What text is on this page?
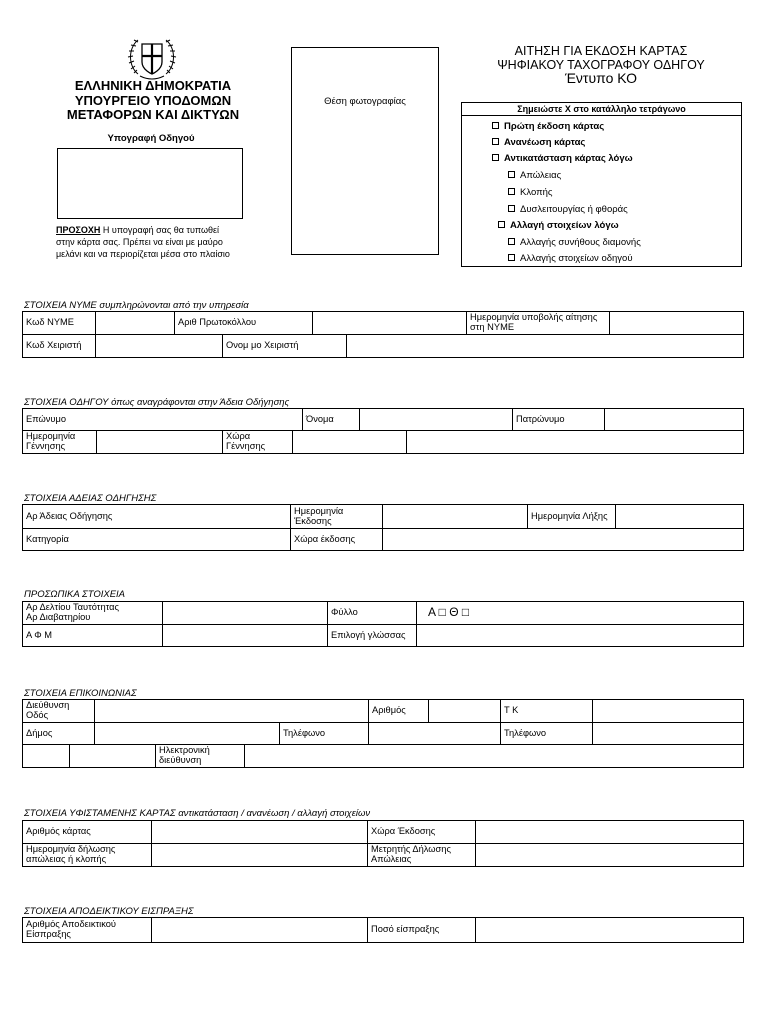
ΕΛΛΗΝΙΚΗ ΔΗΜΟΚΡΑΤΙΑ
ΥΠΟΥΡΓΕΙΟ ΥΠΟΔΟΜΩΝ
ΜΕΤΑΦΟΡΩΝ ΚΑΙ ΔΙΚΤΥΩΝ
Υπογραφή Οδηγού
ΠΡΟΣΟΧΗ Η υπογραφή σας θα τυπωθεί
στην κάρτα σας. Πρέπει να είναι με μαύρο
μελάνι και να περιορίζεται μέσα στο πλαίσιο
Θέση φωτογραφίας
ΑΙΤΗΣΗ ΓΙΑ ΕΚΔΟΣΗ ΚΑΡΤΑΣ
ΨΗΦΙΑΚΟΥ ΤΑΧΟΓΡΑΦΟΥ ΟΔΗΓΟΥ
Έντυπο ΚΟ
Σημειώστε Χ στο κατάλληλο τετράγωνο
Πρώτη έκδοση κάρτας
Ανανέωση κάρτας
Αντικατάσταση κάρτας λόγω
Απώλειας
Κλοπής
Δυσλειτουργίας ή φθοράς
Αλλαγή στοιχείων λόγω
Αλλαγής συνήθους διαμονής
Αλλαγής στοιχείων οδηγού
ΣΤΟΙΧΕΙΑ ΝΥΜΕ συμπληρώνονται από την υπηρεσία
Κωδ ΝΥΜΕ		Αριθ Πρωτοκόλλου		Ημερομηνία υποβολής αίτησης στη ΝΥΜΕ	
Κωδ Χειριστή		Ονομ μο Χειριστή	
ΣΤΟΙΧΕΙΑ ΟΔΗΓΟΥ όπως αναγράφονται στην Άδεια Οδήγησης
Επώνυμο	Όνομα		Πατρώνυμο	
Ημερομηνία Γέννησης		Χώρα Γέννησης		
ΣΤΟΙΧΕΙΑ ΑΔΕΙΑΣ ΟΔΗΓΗΣΗΣ
Αρ Άδειας Οδήγησης	Ημερομηνία Έκδοσης		Ημερομηνία Λήξης	
Κατηγορία	Χώρα έκδοσης			
ΠΡΟΣΩΠΙΚΑ ΣΤΟΙΧΕΙΑ
Αρ Δελτίου Ταυτότητας
Αρ Διαβατηρίου		Φύλλο	Α □ Θ □
Α Φ Μ		Επιλογή γλώσσας	
ΣΤΟΙΧΕΙΑ ΕΠΙΚΟΙΝΩΝΙΑΣ
Διεύθυνση Οδός		Αριθμός		Τ Κ	
Δήμος		Τηλέφωνο		Τηλέφωνο	
		Ηλεκτρονική διεύθυνση	
ΣΤΟΙΧΕΙΑ ΥΦΙΣΤΑΜΕΝΗΣ ΚΑΡΤΑΣ αντικατάσταση / ανανέωση / αλλαγή στοιχείων
Αριθμός κάρτας		Χώρα Έκδοσης	
Ημερομηνία δήλωσης απώλειας ή κλοπής		Μετρητής Δήλωσης Απώλειας	
ΣΤΟΙΧΕΙΑ ΑΠΟΔΕΙΚΤΙΚΟΥ ΕΙΣΠΡΑΞΗΣ
Αριθμός Αποδεικτικού Είσπραξης		Ποσό είσπραξης	
